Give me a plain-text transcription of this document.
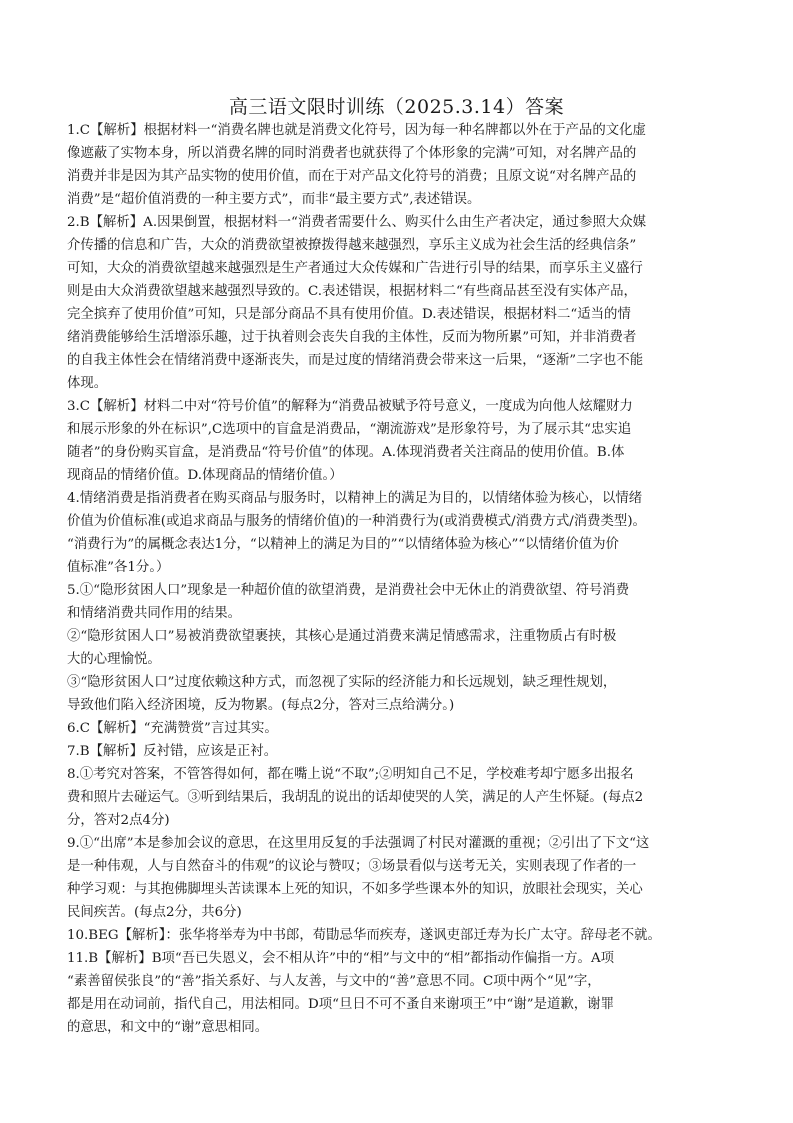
高三语文限时训练（2025.3.14）答案
1.C【解析】根据材料一“消费名牌也就是消费文化符号，因为每一种名牌都以外在于产品的文化虚
像遮蔽了实物本身，所以消费名牌的同时消费者也就获得了个体形象的完满”可知，对名牌产品的
消费并非是因为其产品实物的使用价值，而在于对产品文化符号的消费；且原文说“对名牌产品的
消费”是“超价值消费的一种主要方式”，而非“最主要方式”,表述错误。
2.B【解析】A.因果倒置，根据材料一“消费者需要什么、购买什么由生产者决定，通过参照大众媒
介传播的信息和广告，大众的消费欲望被撩拨得越来越强烈，享乐主义成为社会生活的经典信条”
可知，大众的消费欲望越来越强烈是生产者通过大众传媒和广告进行引导的结果，而享乐主义盛行
则是由大众消费欲望越来越强烈导致的。C.表述错误，根据材料二“有些商品甚至没有实体产品，
完全摈弃了使用价值”可知，只是部分商品不具有使用价值。D.表述错误，根据材料二“适当的情
绪消费能够给生活增添乐趣，过于执着则会丧失自我的主体性，反而为物所累”可知，并非消费者
的自我主体性会在情绪消费中逐渐丧失，而是过度的情绪消费会带来这一后果，“逐渐”二字也不能
体现。
3.C【解析】材料二中对“符号价值”的解释为“消费品被赋予符号意义，一度成为向他人炫耀财力
和展示形象的外在标识”,C选项中的盲盒是消费品，“潮流游戏”是形象符号，为了展示其“忠实追
随者”的身份购买盲盒，是消费品“符号价值”的体现。A.体现消费者关注商品的使用价值。B.体
现商品的情绪价值。D.体现商品的情绪价值。）
4.情绪消费是指消费者在购买商品与服务时，以精神上的满足为目的，以情绪体验为核心，以情绪
价值为价值标准(或追求商品与服务的情绪价值)的一种消费行为(或消费模式/消费方式/消费类型)。
“消费行为”的属概念表达1分，“以精神上的满足为目的”“以情绪体验为核心”“以情绪价值为价
值标准”各1分。）
5.①“隐形贫困人口”现象是一种超价值的欲望消费，是消费社会中无休止的消费欲望、符号消费
和情绪消费共同作用的结果。
②“隐形贫困人口”易被消费欲望裹挟，其核心是通过消费来满足情感需求，注重物质占有时极
大的心理愉悦。
③“隐形贫困人口”过度依赖这种方式，而忽视了实际的经济能力和长远规划，缺乏理性规划，
导致他们陷入经济困境，反为物累。(每点2分，答对三点给满分。)
6.C【解析】“充满赞赏”言过其实。
7.B【解析】反衬错，应该是正衬。
8.①考究对答案，不管答得如何，都在嘴上说“不取”;②明知自己不足，学校难考却宁愿多出报名
费和照片去碰运气。③听到结果后，我胡乱的说出的话却使哭的人笑，满足的人产生怀疑。(每点2
分，答对2点4分)
9.①“出席”本是参加会议的意思，在这里用反复的手法强调了村民对灌溉的重视；②引出了下文“这
是一种伟观，人与自然奋斗的伟观”的议论与赞叹；③场景看似与送考无关，实则表现了作者的一
种学习观：与其抱佛脚埋头苦读课本上死的知识，不如多学些课本外的知识，放眼社会现实，关心
民间疾苦。(每点2分，共6分)
10.BEG【解析】：张华将举寿为中书郎，荀勖忌华而疾寿，遂讽吏部迁寿为长广太守。辞母老不就。
11.B【解析】B项“吾已失恩义，会不相从许”中的“相”与文中的“相”都指动作偏指一方。A项
“素善留侯张良”的“善”指关系好、与人友善，与文中的“善”意思不同。C项中两个“见”字，
都是用在动词前，指代自己，用法相同。D项“旦日不可不蚤自来谢项王”中“谢”是道歉，谢罪
的意思，和文中的“谢”意思相同。
